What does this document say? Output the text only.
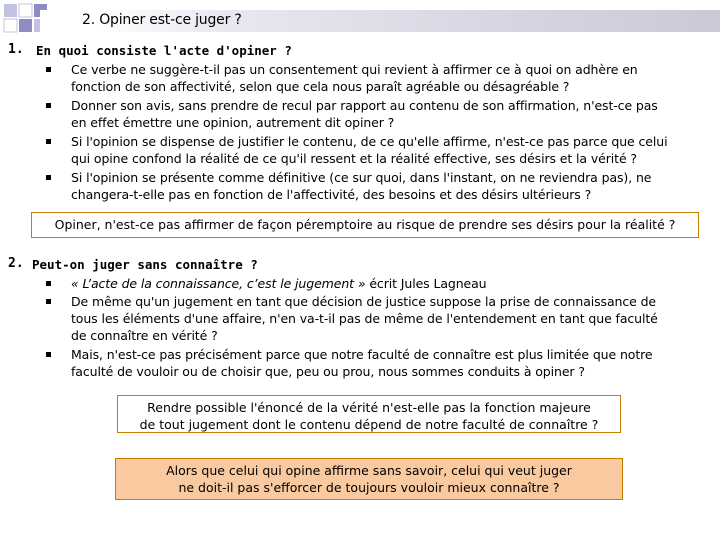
2. Opiner est-ce juger ?
1. En quoi consiste l'acte d'opiner ?
Ce verbe ne suggère-t-il pas un consentement qui revient à affirmer ce à quoi on adhère en
fonction de son affectivité, selon que cela nous paraît agréable ou désagréable ?
Donner son avis, sans prendre de recul par rapport au contenu de son affirmation, n'est-ce pas
en effet émettre une opinion, autrement dit opiner ?
Si l'opinion se dispense de justifier le contenu, de ce qu'elle affirme, n'est-ce pas parce que celui
qui opine confond la réalité de ce qu'il ressent et la réalité effective, ses désirs et la vérité ?
Si l'opinion se présente comme définitive (ce sur quoi, dans l'instant, on ne reviendra pas), ne
changera-t-elle pas en fonction de l'affectivité, des besoins et des désirs ultérieurs ?
Opiner, n'est-ce pas affirmer de façon péremptoire au risque de prendre ses désirs pour la réalité ?
2. Peut-on juger sans connaître ?
« L’acte de la connaissance, c’est le jugement » écrit Jules Lagneau
De même qu'un jugement en tant que décision de justice suppose la prise de connaissance de
tous les éléments d'une affaire, n'en va-t-il pas de même de l'entendement en tant que faculté
de connaître en vérité ?
Mais, n'est-ce pas précisément parce que notre faculté de connaître est plus limitée que notre
faculté de vouloir ou de choisir que, peu ou prou, nous sommes conduits à opiner ?
Rendre possible l'énoncé de la vérité n'est-elle pas la fonction majeure
de tout jugement dont le contenu dépend de notre faculté de connaître ?
Alors que celui qui opine affirme sans savoir, celui qui veut juger
ne doit-il pas s'efforcer de toujours vouloir mieux connaître ?
